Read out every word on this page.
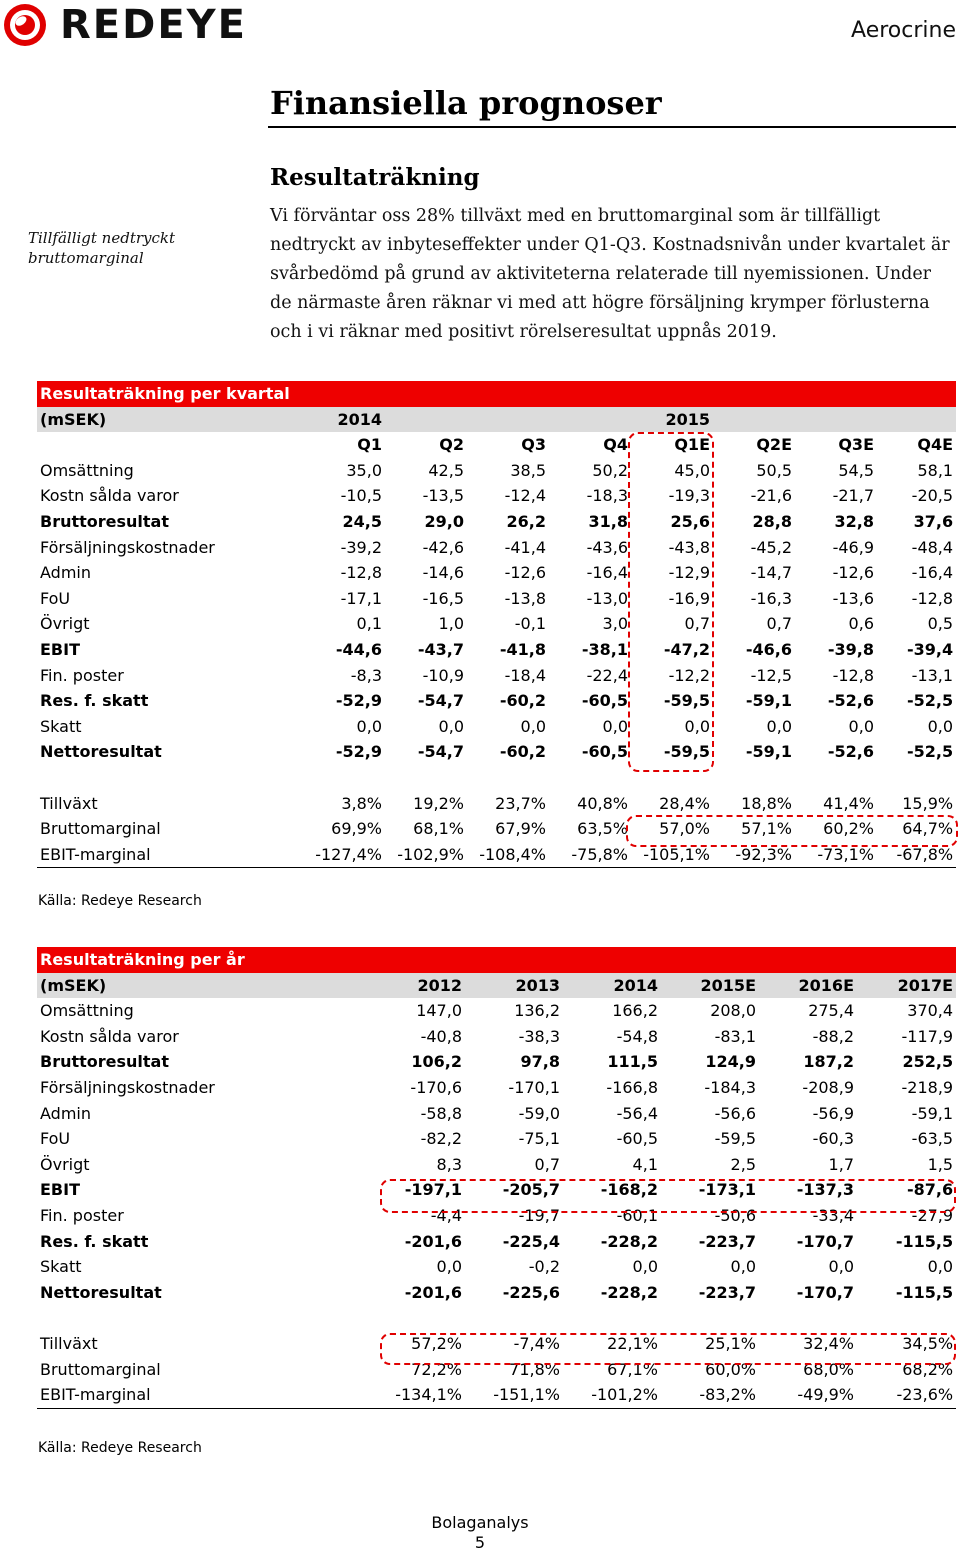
REDEYE	Aerocrine
Finansiella prognoser
Resultaträkning
Tillfälligt nedtryckt bruttomarginal
Vi förväntar oss 28% tillväxt med en bruttomarginal som är tillfälligt nedtryckt av inbyteseffekter under Q1-Q3. Kostnadsnivån under kvartalet är svårbedömd på grund av aktiviteterna relaterade till nyemissionen. Under de närmaste åren räknar vi med att högre försäljning krymper förlusterna och i vi räknar med positivt rörelseresultat uppnås 2019.
Resultaträkning per kvartal								
(mSEK)	2014				2015			
	Q1	Q2	Q3	Q4	Q1E	Q2E	Q3E	Q4E
Omsättning	35,0	42,5	38,5	50,2	45,0	50,5	54,5	58,1
Kostn sålda varor	-10,5	-13,5	-12,4	-18,3	-19,3	-21,6	-21,7	-20,5
Bruttoresultat	24,5	29,0	26,2	31,8	25,6	28,8	32,8	37,6
Försäljningskostnader	-39,2	-42,6	-41,4	-43,6	-43,8	-45,2	-46,9	-48,4
Admin	-12,8	-14,6	-12,6	-16,4	-12,9	-14,7	-12,6	-16,4
FoU	-17,1	-16,5	-13,8	-13,0	-16,9	-16,3	-13,6	-12,8
Övrigt	0,1	1,0	-0,1	3,0	0,7	0,7	0,6	0,5
EBIT	-44,6	-43,7	-41,8	-38,1	-47,2	-46,6	-39,8	-39,4
Fin. poster	-8,3	-10,9	-18,4	-22,4	-12,2	-12,5	-12,8	-13,1
Res. f. skatt	-52,9	-54,7	-60,2	-60,5	-59,5	-59,1	-52,6	-52,5
Skatt	0,0	0,0	0,0	0,0	0,0	0,0	0,0	0,0
Nettoresultat	-52,9	-54,7	-60,2	-60,5	-59,5	-59,1	-52,6	-52,5

Tillväxt	3,8%	19,2%	23,7%	40,8%	28,4%	18,8%	41,4%	15,9%
Bruttomarginal	69,9%	68,1%	67,9%	63,5%	57,0%	57,1%	60,2%	64,7%
EBIT-marginal	-127,4%	-102,9%	-108,4%	-75,8%	-105,1%	-92,3%	-73,1%	-67,8%
Källa: Redeye Research
Resultaträkning per år						
(mSEK)	2012	2013	2014	2015E	2016E	2017E
Omsättning	147,0	136,2	166,2	208,0	275,4	370,4
Kostn sålda varor	-40,8	-38,3	-54,8	-83,1	-88,2	-117,9
Bruttoresultat	106,2	97,8	111,5	124,9	187,2	252,5
Försäljningskostnader	-170,6	-170,1	-166,8	-184,3	-208,9	-218,9
Admin	-58,8	-59,0	-56,4	-56,6	-56,9	-59,1
FoU	-82,2	-75,1	-60,5	-59,5	-60,3	-63,5
Övrigt	8,3	0,7	4,1	2,5	1,7	1,5
EBIT	-197,1	-205,7	-168,2	-173,1	-137,3	-87,6
Fin. poster	-4,4	-19,7	-60,1	-50,6	-33,4	-27,9
Res. f. skatt	-201,6	-225,4	-228,2	-223,7	-170,7	-115,5
Skatt	0,0	-0,2	0,0	0,0	0,0	0,0
Nettoresultat	-201,6	-225,6	-228,2	-223,7	-170,7	-115,5

Tillväxt	57,2%	-7,4%	22,1%	25,1%	32,4%	34,5%
Bruttomarginal	72,2%	71,8%	67,1%	60,0%	68,0%	68,2%
EBIT-marginal	-134,1%	-151,1%	-101,2%	-83,2%	-49,9%	-23,6%
Källa: Redeye Research
Bolaganalys
5
